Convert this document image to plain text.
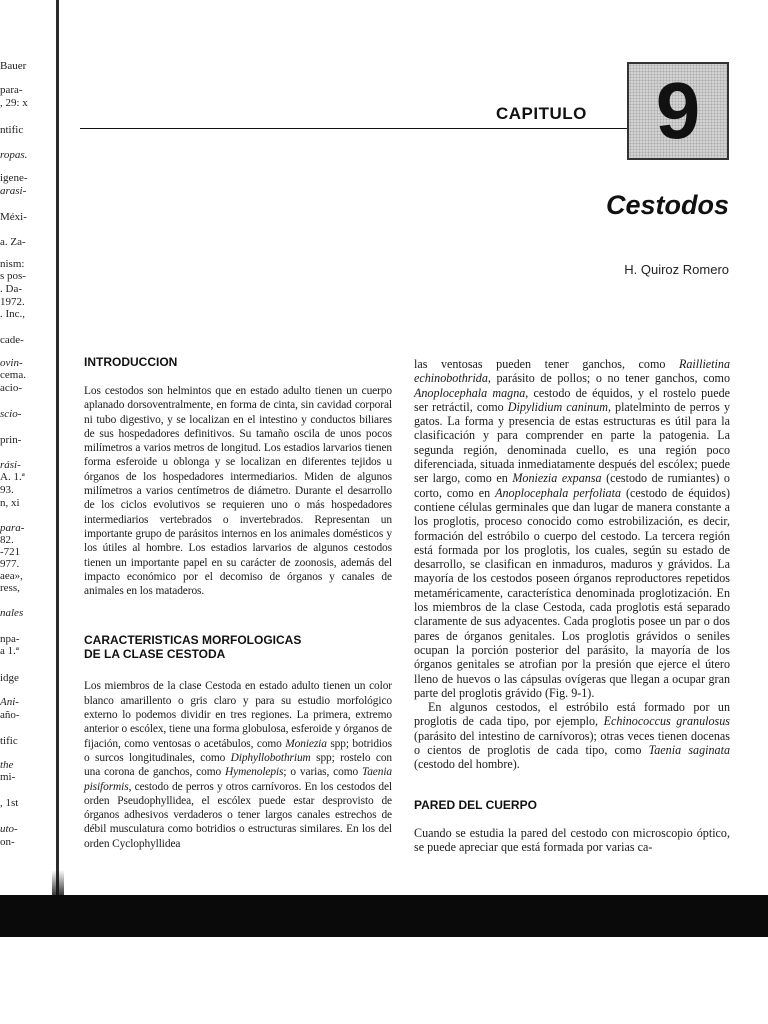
Bauer
para-
, 29: x
ntific
ropas.
igene-
arasi-
Méxi-
a. Za-
nism:
s pos-
. Da-
1972.
. Inc.,
cade-
ovin-
cema.
acio-
scio-
prin-
rási-
A. 1.ª
93.
n, xi
para-
82.
-721
977.
aea»,
ress,
nales
npa-
a 1.ª
idge
Ani-
año-
tific
the
mi-
, 1st
uto-
on-
CAPITULO 9
Cestodos
H. Quiroz Romero
INTRODUCCION

Los cestodos son helmintos que en estado adulto tienen un cuerpo aplanado dorsoventralmente, en forma de cinta, sin cavidad corporal ni tubo digestivo, y se localizan en el intestino y conductos biliares de sus hospedadores definitivos. Su tamaño oscila de unos pocos milímetros a varios metros de longitud. Los estadios larvarios tienen forma esferoide u oblonga y se localizan en diferentes tejidos u órganos de los hospedadores intermediarios. Miden de algunos milímetros a varios centímetros de diámetro. Durante el desarrollo de los ciclos evolutivos se requieren uno o más hospedadores intermediarios vertebrados o invertebrados. Representan un importante grupo de parásitos internos en los animales domésticos y los útiles al hombre. Los estadios larvarios de algunos cestodos tienen un importante papel en su carácter de zoonosis, además del impacto económico por el decomiso de órganos y canales de animales en los mataderos.

CARACTERISTICAS MORFOLOGICAS
DE LA CLASE CESTODA

Los miembros de la clase Cestoda en estado adulto tienen un color blanco amarillento o gris claro y para su estudio morfológico externo lo podemos dividir en tres regiones. La primera, extremo anterior o escólex, tiene una forma globulosa, esferoide y órganos de fijación, como ventosas o acetábulos, como Moniezia spp; botridios o surcos longitudinales, como Diphyllobothrium spp; rostelo con una corona de ganchos, como Hymenolepis; o varias, como Taenia pisiformis, cestodo de perros y otros carnívoros. En los cestodos del orden Pseudophyllidea, el escólex puede estar desprovisto de órganos adhesivos verdaderos o tener largos canales estrechos de débil musculatura como botridios o estructuras similares. En los del orden Cyclophyllidea

las ventosas pueden tener ganchos, como Raillietina echinobothrida, parásito de pollos; o no tener ganchos, como Anoplocephala magna, cestodo de équidos, y el rostelo puede ser retráctil, como Dipylidium caninum, platelminto de perros y gatos. La forma y presencia de estas estructuras es útil para la clasificación y para comprender en parte la patogenia. La segunda región, denominada cuello, es una región poco diferenciada, situada inmediatamente después del escólex; puede ser largo, como en Moniezia expansa (cestodo de rumiantes) o corto, como en Anoplocephala perfoliata (cestodo de équidos) contiene células germinales que dan lugar de manera constante a los proglotis, proceso conocido como estrobilización, es decir, formación del estróbilo o cuerpo del cestodo. La tercera región está formada por los proglotis, los cuales, según su estado de desarrollo, se clasifican en inmaduros, maduros y grávidos. La mayoría de los cestodos poseen órganos reproductores repetidos metaméricamente, característica denominada proglotización. En los miembros de la clase Cestoda, cada proglotis está separado claramente de sus adyacentes. Cada proglotis posee un par o dos pares de órganos genitales. Los proglotis grávidos o seniles ocupan la porción posterior del parásito, la mayoría de los órganos genitales se atrofian por la presión que ejerce el útero lleno de huevos o las cápsulas ovígeras que llegan a ocupar gran parte del proglotis grávido (Fig. 9-1).

En algunos cestodos, el estróbilo está formado por un proglotis de cada tipo, por ejemplo, Echinococcus granulosus (parásito del intestino de carnívoros); otras veces tienen docenas o cientos de proglotis de cada tipo, como Taenia saginata (cestodo del hombre).

PARED DEL CUERPO

Cuando se estudia la pared del cestodo con microscopio óptico, se puede apreciar que está formada por varias ca-
